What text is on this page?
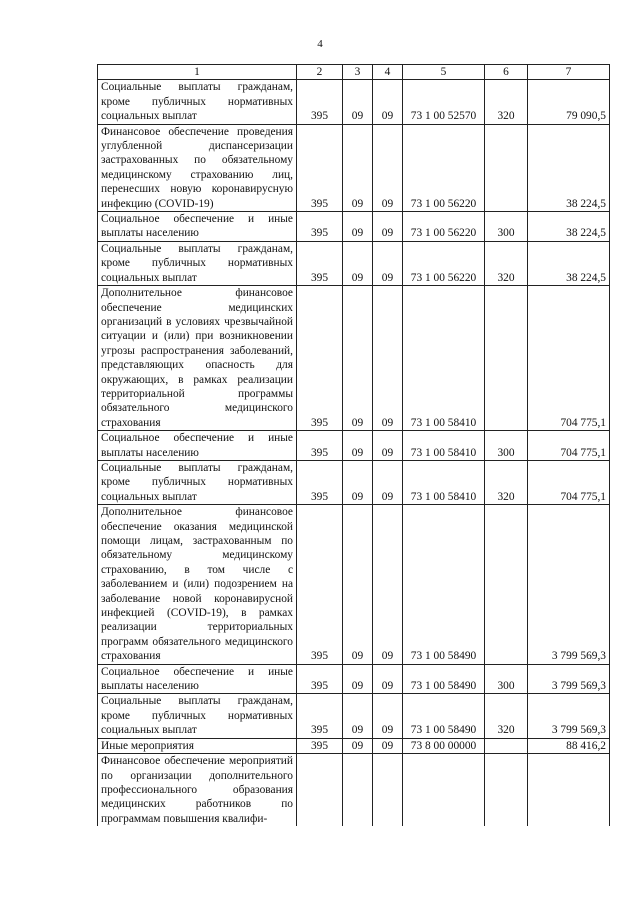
4
1	2	3	4	5	6	7
Социальные выплаты гражданам, кроме публичных нормативных социальных выплат	395	09	09	73 1 00 52570	320	79 090,5
Финансовое обеспечение проведения углубленной диспансеризации застрахованных по обязательному медицинскому страхованию лиц, перенесших новую коронавирусную инфекцию (COVID-19)	395	09	09	73 1 00 56220		38 224,5
Социальное обеспечение и иные выплаты населению	395	09	09	73 1 00 56220	300	38 224,5
Социальные выплаты гражданам, кроме публичных нормативных социальных выплат	395	09	09	73 1 00 56220	320	38 224,5
Дополнительное финансовое обеспечение медицинских организаций в условиях чрезвычайной ситуации и (или) при возникновении угрозы распространения заболеваний, представляющих опасность для окружающих, в рамках реализации территориальной программы обязательного медицинского страхования	395	09	09	73 1 00 58410		704 775,1
Социальное обеспечение и иные выплаты населению	395	09	09	73 1 00 58410	300	704 775,1
Социальные выплаты гражданам, кроме публичных нормативных социальных выплат	395	09	09	73 1 00 58410	320	704 775,1
Дополнительное финансовое обеспечение оказания медицинской помощи лицам, застрахованным по обязательному медицинскому страхованию, в том числе с заболеванием и (или) подозрением на заболевание новой коронавирусной инфекцией (COVID-19), в рамках реализации территориальных программ обязательного медицинского страхования	395	09	09	73 1 00 58490		3 799 569,3
Социальное обеспечение и иные выплаты населению	395	09	09	73 1 00 58490	300	3 799 569,3
Социальные выплаты гражданам, кроме публичных нормативных социальных выплат	395	09	09	73 1 00 58490	320	3 799 569,3
Иные мероприятия	395	09	09	73 8 00 00000		88 416,2
Финансовое обеспечение мероприятий по организации дополнительного профессионального образования медицинских работников по программам повышения квалифи-						
